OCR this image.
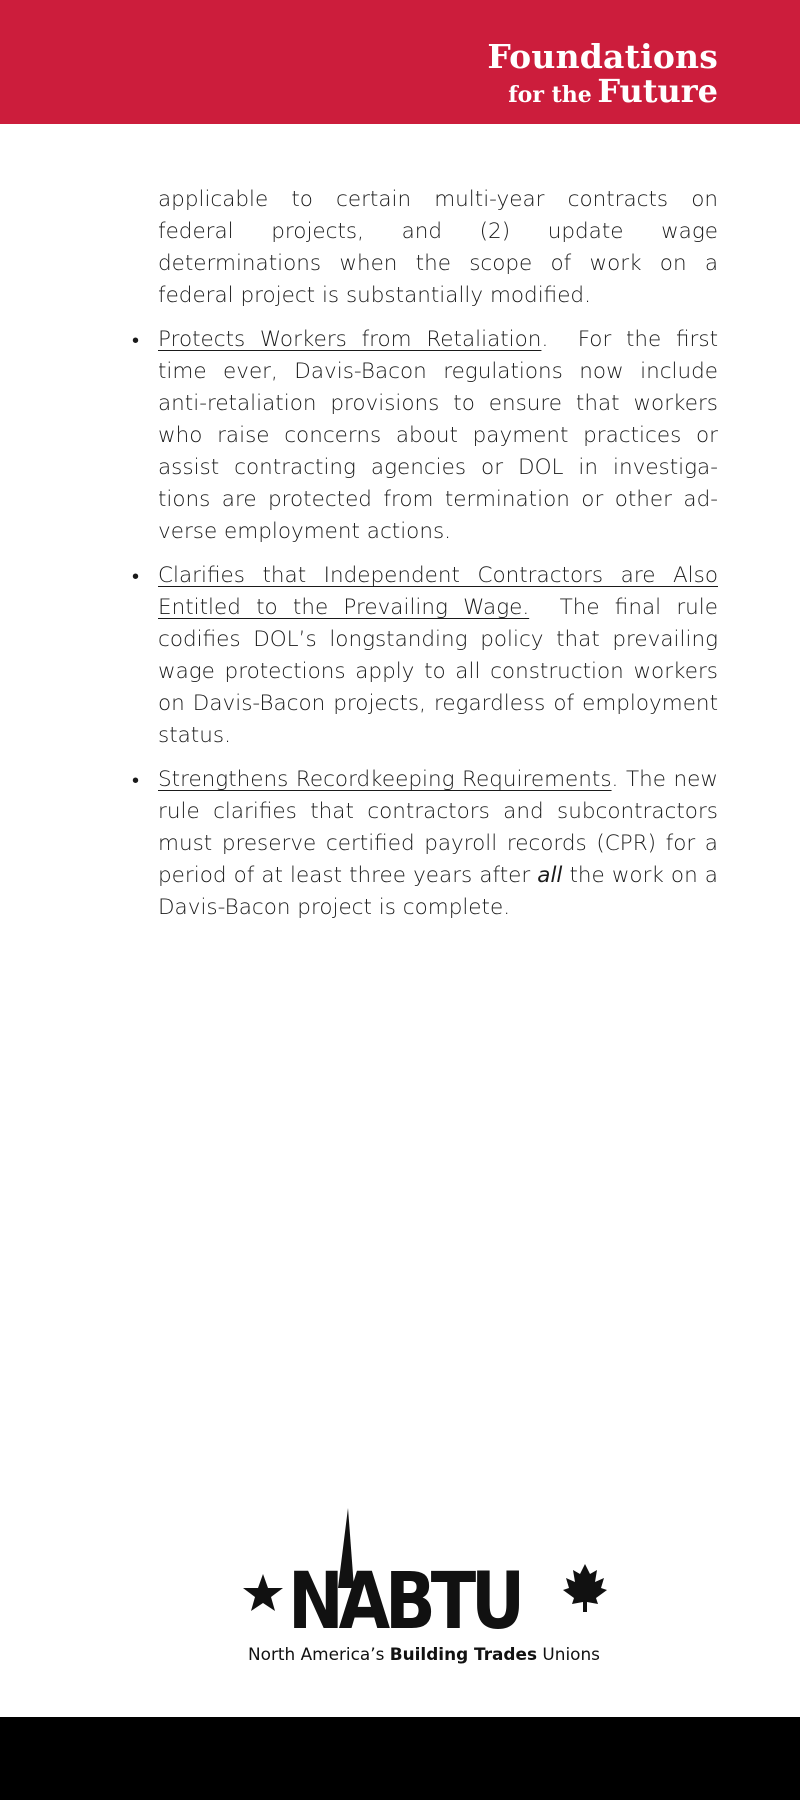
Foundations
for the Future

applicable to certain multi-year contracts on federal projects, and (2) update wage determinations when the scope of work on a federal project is substantially modified.

• Protects Workers from Retaliation. For the first time ever, Davis-Bacon regulations now include anti-retaliation provisions to ensure that workers who raise concerns about payment practices or assist contracting agencies or DOL in investiga-tions are protected from termination or other ad-verse employment actions.
• Clarifies that Independent Contractors are Also Entitled to the Prevailing Wage. The final rule codifies DOL’s longstanding policy that prevailing wage protections apply to all construction workers on Davis-Bacon projects, regardless of employment status.
• Strengthens Recordkeeping Requirements. The new rule clarifies that contractors and subcontractors must preserve certified payroll records (CPR) for a period of at least three years after all the work on a Davis-Bacon project is complete.
NABTU
North America’s Building Trades Unions
